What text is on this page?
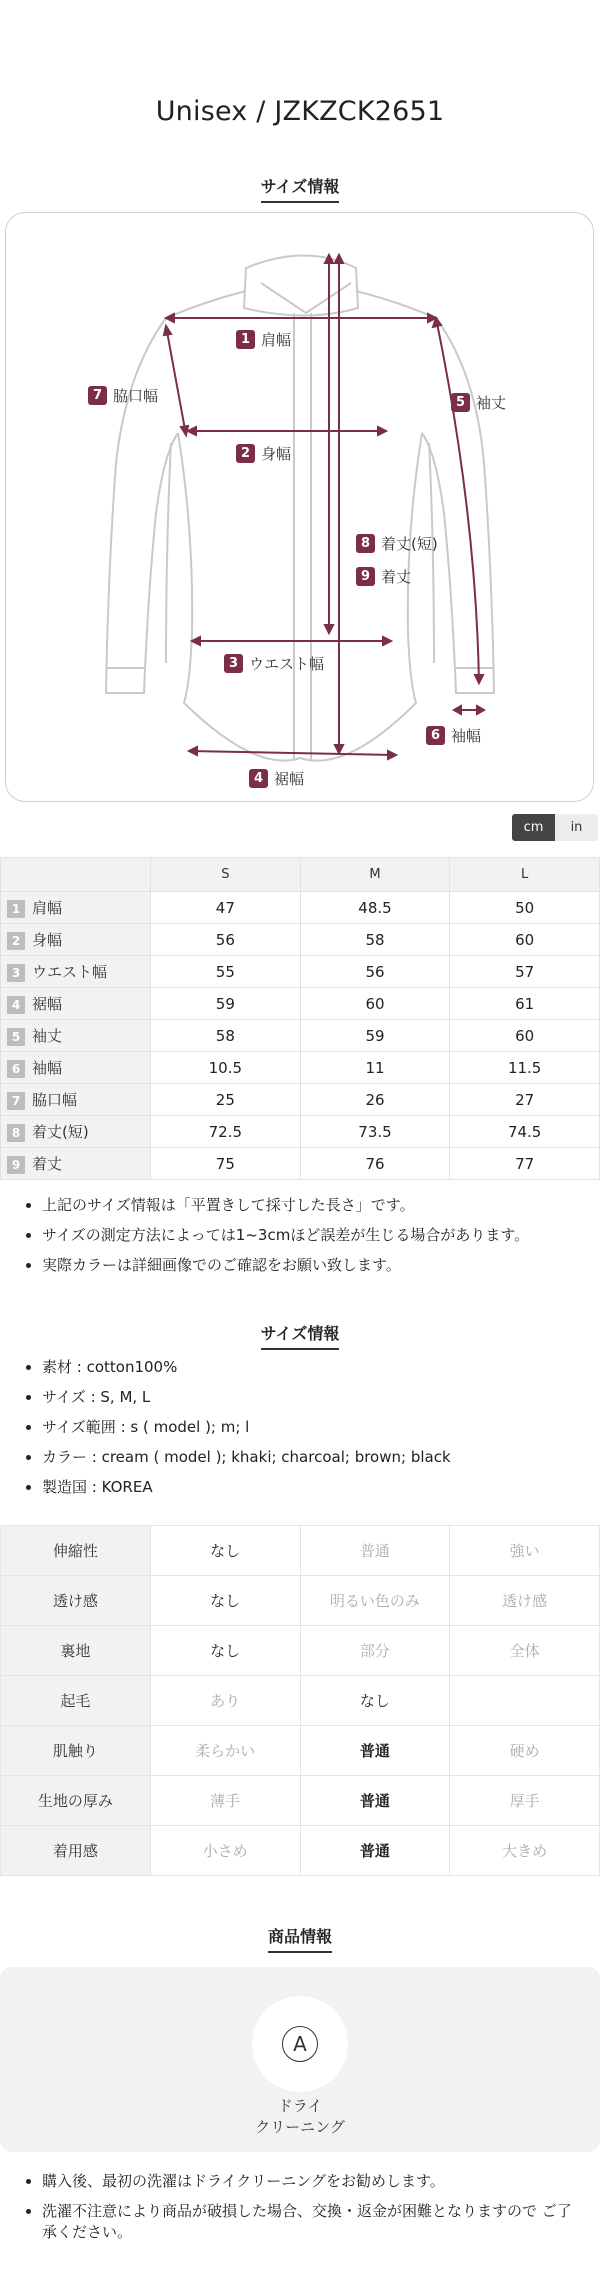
Unisex / JZKZCK2651
サイズ情報
1 肩幅
2 身幅
3 ウエスト幅
4 裾幅
5 袖丈
6 袖幅
7 脇口幅
8 着丈(短)
9 着丈
cm	in
	S	M	L
1 肩幅	47	48.5	50
2 身幅	56	58	60
3 ウエスト幅	55	56	57
4 裾幅	59	60	61
5 袖丈	58	59	60
6 袖幅	10.5	11	11.5
7 脇口幅	25	26	27
8 着丈(短)	72.5	73.5	74.5
9 着丈	75	76	77
• 上記のサイズ情報は「平置きして採寸した長さ」です。
• サイズの測定方法によっては1~3cmほど誤差が生じる場合があります。
• 実際カラーは詳細画像でのご確認をお願い致します。
サイズ情報
• 素材 : cotton100%
• サイズ : S, M, L
• サイズ範囲 : s ( model ); m; l
• カラー : cream ( model ); khaki; charcoal; brown; black
• 製造国 : KOREA
伸縮性	なし	普通	強い
透け感	なし	明るい色のみ	透け感
裏地	なし	部分	全体
起毛	あり	なし	
肌触り	柔らかい	普通	硬め
生地の厚み	薄手	普通	厚手
着用感	小さめ	普通	大きめ
商品情報
A
ドライ
クリーニング
• 購入後、最初の洗濯はドライクリーニングをお勧めします。
• 洗濯不注意により商品が破損した場合、交換・返金が困難となりますので ご了承ください。
